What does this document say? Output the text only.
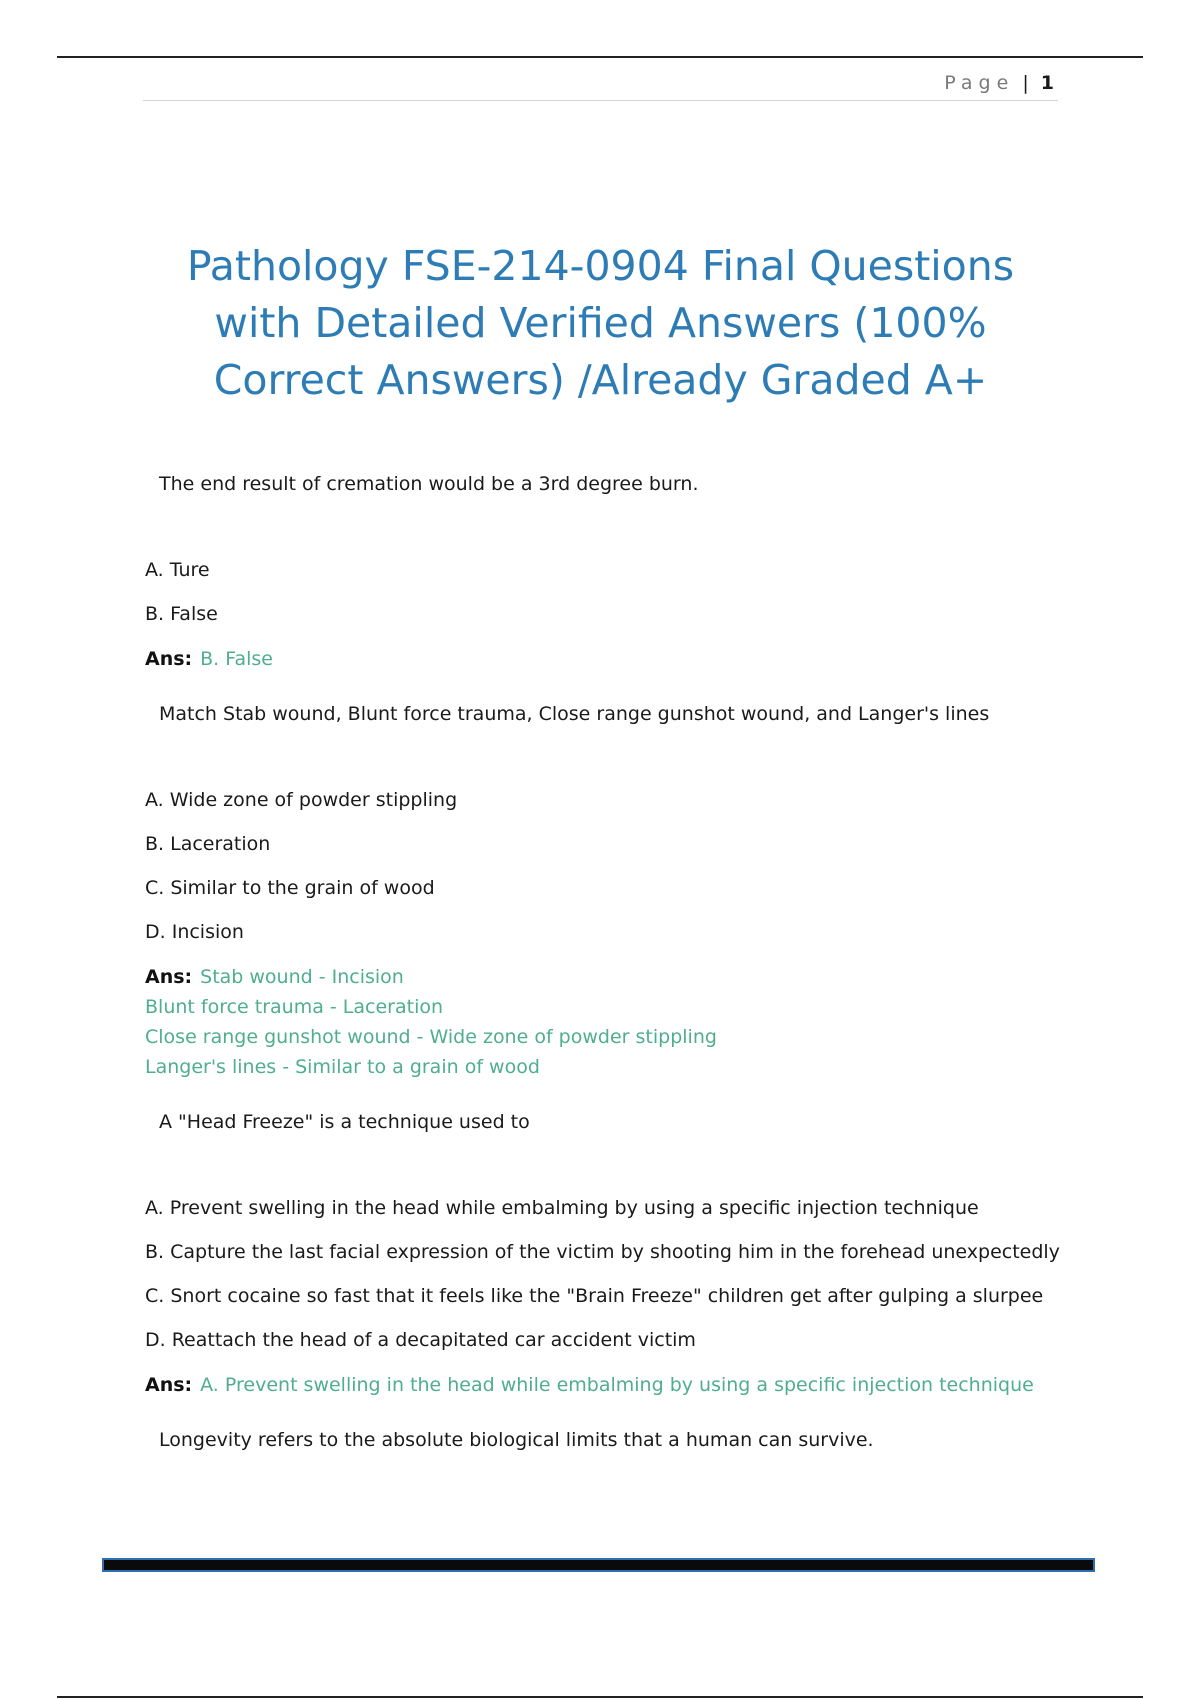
Page | 1
Pathology FSE-214-0904 Final Questions with Detailed Verified Answers (100% Correct Answers) /Already Graded A+
The end result of cremation would be a 3rd degree burn.
A. Ture
B. False
Ans: B. False
Match Stab wound, Blunt force trauma, Close range gunshot wound, and Langer's lines
A. Wide zone of powder stippling
B. Laceration
C. Similar to the grain of wood
D. Incision
Ans: Stab wound - Incision
Blunt force trauma - Laceration
Close range gunshot wound - Wide zone of powder stippling
Langer's lines - Similar to a grain of wood
A "Head Freeze" is a technique used to
A. Prevent swelling in the head while embalming by using a specific injection technique
B. Capture the last facial expression of the victim by shooting him in the forehead unexpectedly
C. Snort cocaine so fast that it feels like the "Brain Freeze" children get after gulping a slurpee
D. Reattach the head of a decapitated car accident victim
Ans: A. Prevent swelling in the head while embalming by using a specific injection technique
Longevity refers to the absolute biological limits that a human can survive.
